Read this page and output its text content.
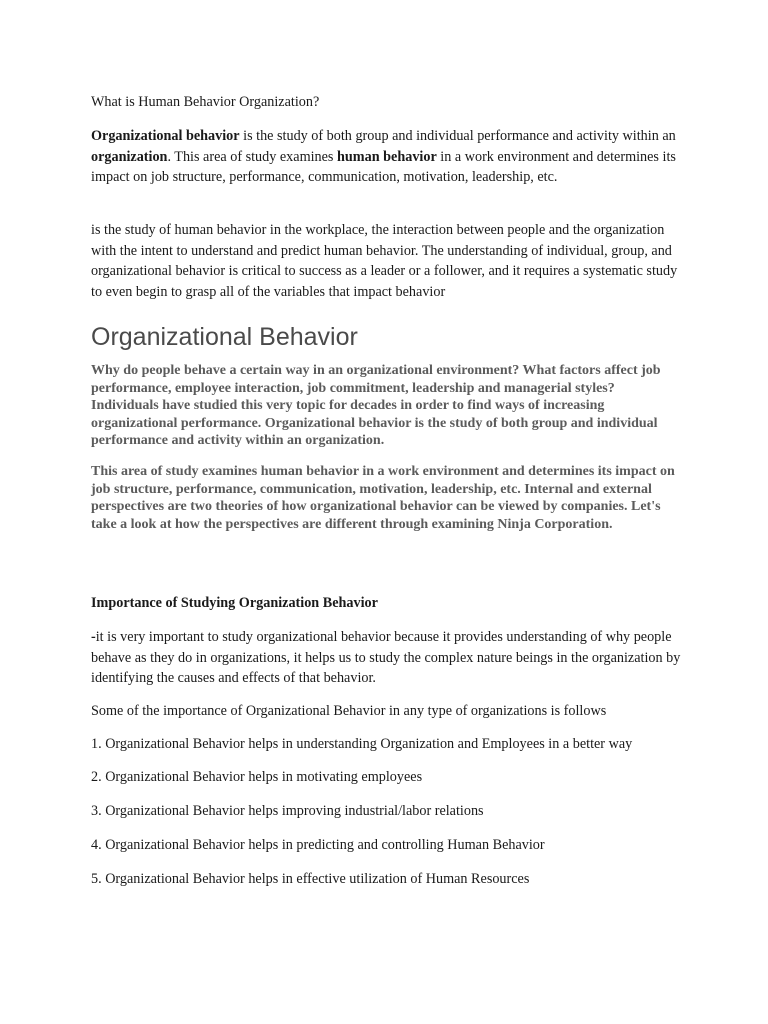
What is Human Behavior Organization?

Organizational behavior is the study of both group and individual performance and activity within an organization. This area of study examines human behavior in a work environment and determines its impact on job structure, performance, communication, motivation, leadership, etc.

is the study of human behavior in the workplace, the interaction between people and the organization with the intent to understand and predict human behavior. The understanding of individual, group, and organizational behavior is critical to success as a leader or a follower, and it requires a systematic study to even begin to grasp all of the variables that impact behavior

Organizational Behavior

Why do people behave a certain way in an organizational environment? What factors affect job performance, employee interaction, job commitment, leadership and managerial styles? Individuals have studied this very topic for decades in order to find ways of increasing organizational performance. Organizational behavior is the study of both group and individual performance and activity within an organization.

This area of study examines human behavior in a work environment and determines its impact on job structure, performance, communication, motivation, leadership, etc. Internal and external perspectives are two theories of how organizational behavior can be viewed by companies. Let's take a look at how the perspectives are different through examining Ninja Corporation.

Importance of Studying Organization Behavior

-it is very important to study organizational behavior because it provides understanding of why people behave as they do in organizations, it helps us to study the complex nature beings in the organization by identifying the causes and effects of that behavior.

Some of the importance of Organizational Behavior in any type of organizations is follows

1. Organizational Behavior helps in understanding Organization and Employees in a better way

2. Organizational Behavior helps in motivating employees

3. Organizational Behavior helps improving industrial/labor relations

4. Organizational Behavior helps in predicting and controlling Human Behavior

5. Organizational Behavior helps in effective utilization of Human Resources
